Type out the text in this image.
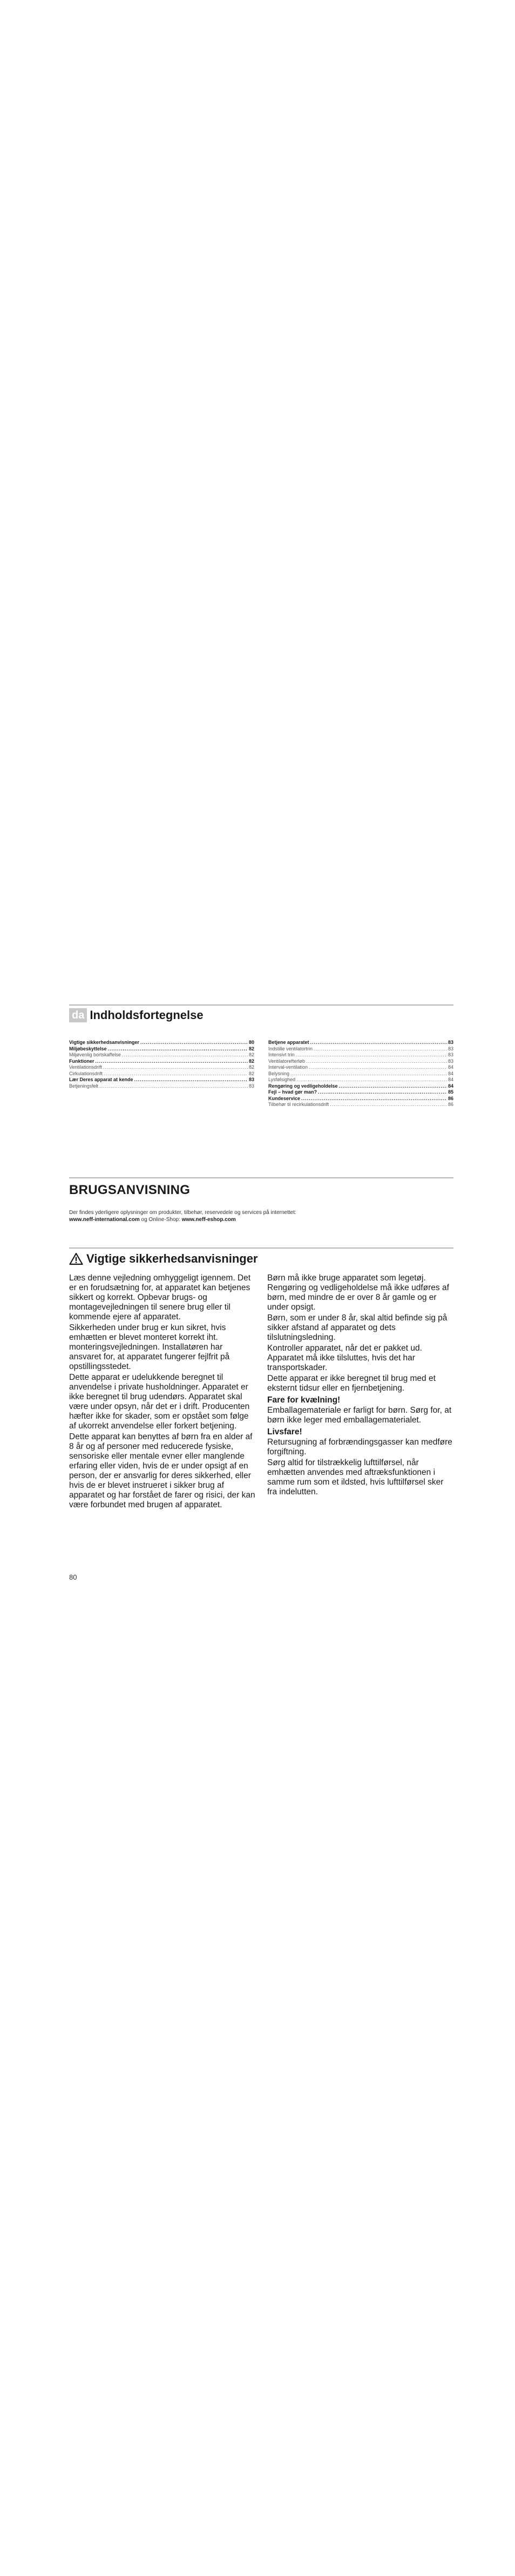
da Indholdsfortegnelse
Vigtige sikkerhedsanvisninger .....	80
Miljøbeskyttelse .....	82
Miljøvenlig bortskaffelse .....	82
Funktioner .....	82
Ventilationsdrift .....	82
Cirkulationsdrift .....	82
Lær Deres apparat at kende .....	83
Betjeningsfelt .....	83
Betjene apparatet .....	83
Indstille ventilatortrin .....	83
Intensivt trin .....	83
Ventilatorefterløb .....	83
Interval-ventilation .....	84
Belysning .....	84
Lysfølsighed .....	84
Rengøring og vedligeholdelse .....	84
Fejl – hvad gør man? .....	85
Kundeservice .....	86
Tilbehør til recirkulationsdrift .....	86
BRUGSANVISNING
Der findes yderligere oplysninger om produkter, tilbehør, reservedele og services på internettet: www.neff-international.com og Online-Shop: www.neff-eshop.com
Vigtige sikkerhedsanvisninger

Læs denne vejledning omhyggeligt igennem. Det er en forudsætning for, at apparatet kan betjenes sikkert og korrekt. Opbevar brugs- og montagevejledningen til senere brug eller til kommende ejere af apparatet.

Sikkerheden under brug er kun sikret, hvis emhætten er blevet monteret korrekt iht. monteringsvejledningen. Installatøren har ansvaret for, at apparatet fungerer fejlfrit på opstillingsstedet.

Dette apparat er udelukkende beregnet til anvendelse i private husholdninger. Apparatet er ikke beregnet til brug udendørs. Apparatet skal være under opsyn, når det er i drift. Producenten hæfter ikke for skader, som er opstået som følge af ukorrekt anvendelse eller forkert betjening.

Dette apparat kan benyttes af børn fra en alder af 8 år og af personer med reducerede fysiske, sensoriske eller mentale evner eller manglende erfaring eller viden, hvis de er under opsigt af en person, der er ansvarlig for deres sikkerhed, eller hvis de er blevet instrueret i sikker brug af apparatet og har forstået de farer og risici, der kan være forbundet med brugen af apparatet.

Børn må ikke bruge apparatet som legetøj. Rengøring og vedligeholdelse må ikke udføres af børn, med mindre de er over 8 år gamle og er under opsigt.

Børn, som er under 8 år, skal altid befinde sig på sikker afstand af apparatet og dets tilslutningsledning.

Kontroller apparatet, når det er pakket ud. Apparatet må ikke tilsluttes, hvis det har transportskader.

Dette apparat er ikke beregnet til brug med et eksternt tidsur eller en fjernbetjening.

Fare for kvælning!

Emballagemateriale er farligt for børn. Sørg for, at børn ikke leger med emballagematerialet.

Livsfare!

Retursugning af forbrændingsgasser kan medføre forgiftning.

Sørg altid for tilstrækkelig lufttilførsel, når emhætten anvendes med aftræksfunktionen i samme rum som et ildsted, hvis lufttilførsel sker fra indelutten.

80
